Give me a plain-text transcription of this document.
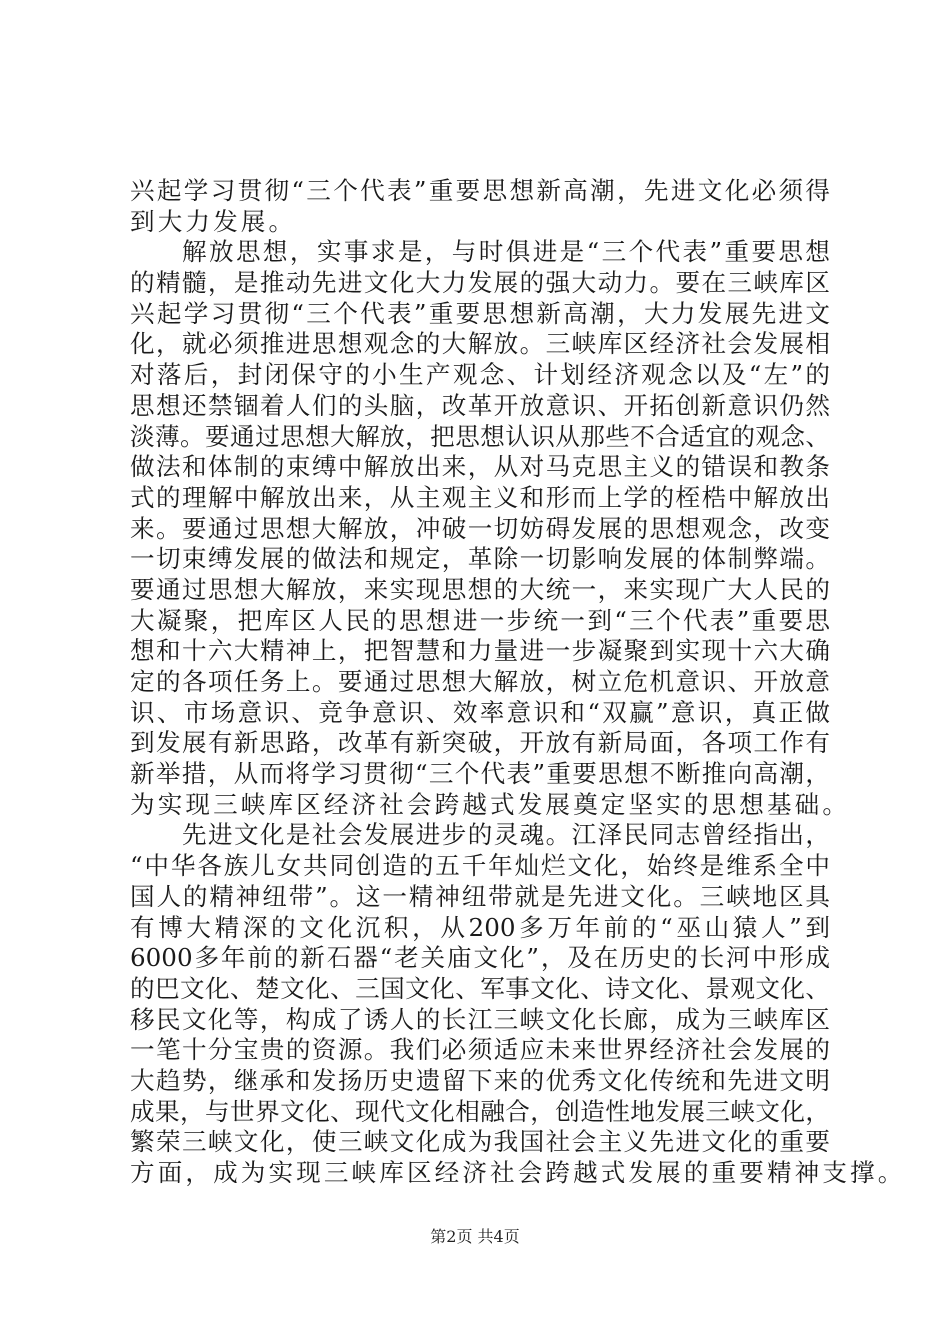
兴起学习贯彻“三个代表”重要思想新高潮，先进文化必须得
到大力发展。
解放思想，实事求是，与时俱进是“三个代表”重要思想
的精髓，是推动先进文化大力发展的强大动力。要在三峡库区
兴起学习贯彻“三个代表”重要思想新高潮，大力发展先进文
化，就必须推进思想观念的大解放。三峡库区经济社会发展相
对落后，封闭保守的小生产观念、计划经济观念以及“左”的
思想还禁锢着人们的头脑，改革开放意识、开拓创新意识仍然
淡薄。要通过思想大解放，把思想认识从那些不合适宜的观念、
做法和体制的束缚中解放出来，从对马克思主义的错误和教条
式的理解中解放出来，从主观主义和形而上学的桎梏中解放出
来。要通过思想大解放，冲破一切妨碍发展的思想观念，改变
一切束缚发展的做法和规定，革除一切影响发展的体制弊端。
要通过思想大解放，来实现思想的大统一，来实现广大人民的
大凝聚，把库区人民的思想进一步统一到“三个代表”重要思
想和十六大精神上，把智慧和力量进一步凝聚到实现十六大确
定的各项任务上。要通过思想大解放，树立危机意识、开放意
识、市场意识、竞争意识、效率意识和“双赢”意识，真正做
到发展有新思路，改革有新突破，开放有新局面，各项工作有
新举措，从而将学习贯彻“三个代表”重要思想不断推向高潮，
为实现三峡库区经济社会跨越式发展奠定坚实的思想基础。
先进文化是社会发展进步的灵魂。江泽民同志曾经指出，
“中华各族儿女共同创造的五千年灿烂文化，始终是维系全中
国人的精神纽带”。这一精神纽带就是先进文化。三峡地区具
有博大精深的文化沉积，从200多万年前的“巫山猿人”到
6000多年前的新石器“老关庙文化”，及在历史的长河中形成
的巴文化、楚文化、三国文化、军事文化、诗文化、景观文化、
移民文化等，构成了诱人的长江三峡文化长廊，成为三峡库区
一笔十分宝贵的资源。我们必须适应未来世界经济社会发展的
大趋势，继承和发扬历史遗留下来的优秀文化传统和先进文明
成果，与世界文化、现代文化相融合，创造性地发展三峡文化，
繁荣三峡文化，使三峡文化成为我国社会主义先进文化的重要
方面，成为实现三峡库区经济社会跨越式发展的重要精神支撑。
第2页 共4页
